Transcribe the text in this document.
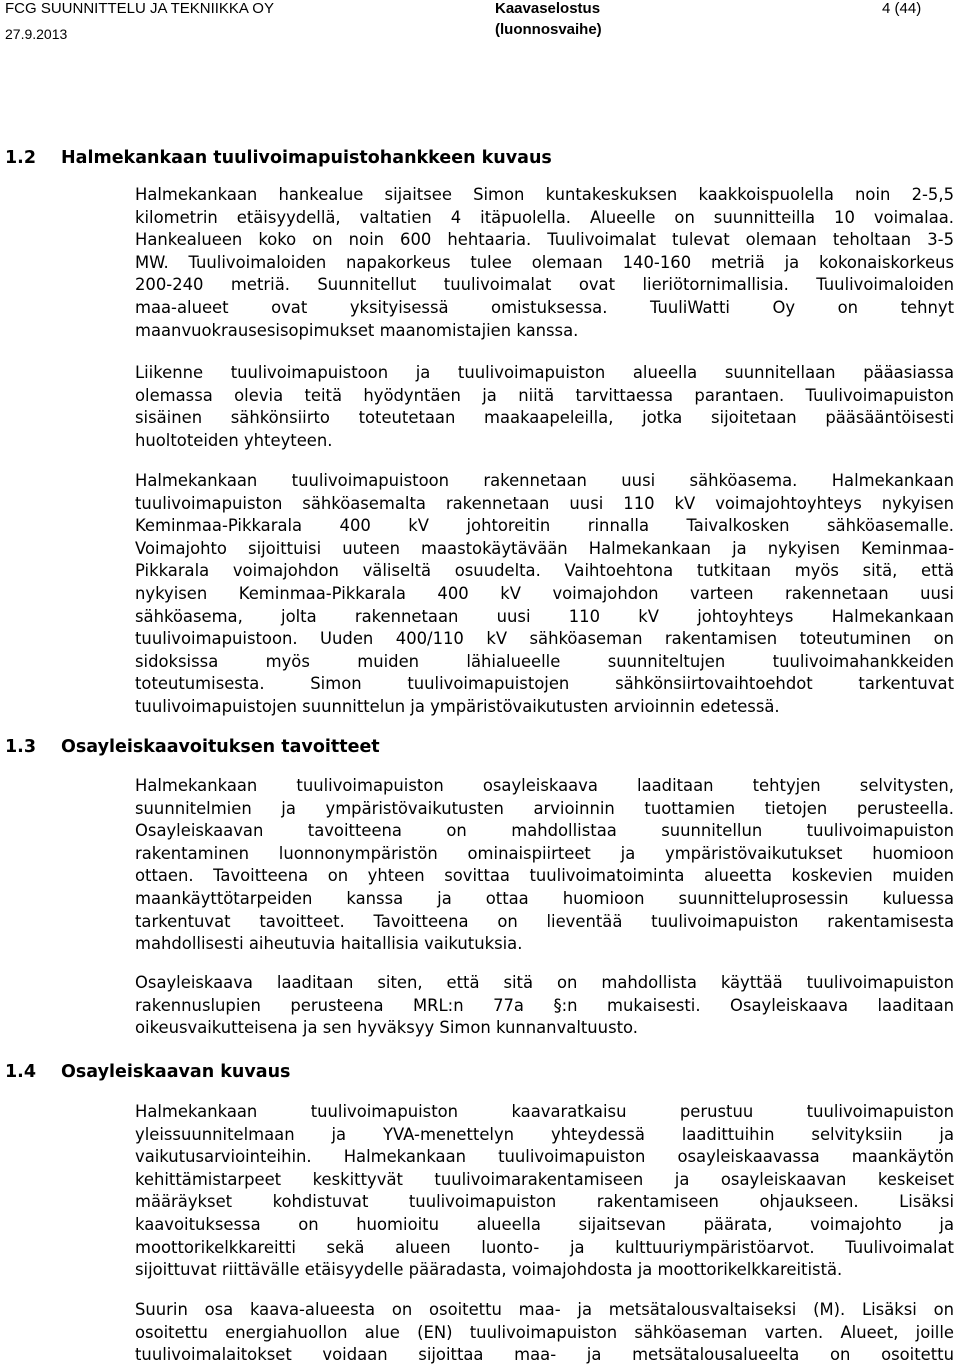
FCG SUUNNITTELU JA TEKNIIKKA OY	Kaavaselostus	4 (44)
27.9.2013	(luonnosvaihe)
1.2 Halmekankaan tuulivoimapuistohankkeen kuvaus
Halmekankaan hankealue sijaitsee Simon kuntakeskuksen kaakkoispuolella noin 2-5,5
kilometrin etäisyydellä, valtatien 4 itäpuolella. Alueelle on suunnitteilla 10 voimalaa.
Hankealueen koko on noin 600 hehtaaria. Tuulivoimalat tulevat olemaan teholtaan 3-5
MW. Tuulivoimaloiden napakorkeus tulee olemaan 140-160 metriä ja kokonaiskorkeus
200-240 metriä. Suunnitellut tuulivoimalat ovat lieriötornimallisia. Tuulivoimaloiden
maa-alueet ovat yksityisessä omistuksessa. TuuliWatti Oy on tehnyt
maanvuokrausesisopimukset maanomistajien kanssa.
Liikenne tuulivoimapuistoon ja tuulivoimapuiston alueella suunnitellaan pääasiassa
olemassa olevia teitä hyödyntäen ja niitä tarvittaessa parantaen. Tuulivoimapuiston
sisäinen sähkönsiirto toteutetaan maakaapeleilla, jotka sijoitetaan pääsääntöisesti
huoltoteiden yhteyteen.
Halmekankaan tuulivoimapuistoon rakennetaan uusi sähköasema. Halmekankaan
tuulivoimapuiston sähköasemalta rakennetaan uusi 110 kV voimajohtoyhteys nykyisen
Keminmaa-Pikkarala 400 kV johtoreitin rinnalla Taivalkosken sähköasemalle.
Voimajohto sijoittuisi uuteen maastokäytävään Halmekankaan ja nykyisen Keminmaa-
Pikkarala voimajohdon väliseltä osuudelta. Vaihtoehtona tutkitaan myös sitä, että
nykyisen Keminmaa-Pikkarala 400 kV voimajohdon varteen rakennetaan uusi
sähköasema, jolta rakennetaan uusi 110 kV johtoyhteys Halmekankaan
tuulivoimapuistoon. Uuden 400/110 kV sähköaseman rakentamisen toteutuminen on
sidoksissa myös muiden lähialueelle suunniteltujen tuulivoimahankkeiden
toteutumisesta. Simon tuulivoimapuistojen sähkönsiirtovaihtoehdot tarkentuvat
tuulivoimapuistojen suunnittelun ja ympäristövaikutusten arvioinnin edetessä.
1.3 Osayleiskaavoituksen tavoitteet
Halmekankaan tuulivoimapuiston osayleiskaava laaditaan tehtyjen selvitysten,
suunnitelmien ja ympäristövaikutusten arvioinnin tuottamien tietojen perusteella.
Osayleiskaavan tavoitteena on mahdollistaa suunnitellun tuulivoimapuiston
rakentaminen luonnonympäristön ominaispiirteet ja ympäristövaikutukset huomioon
ottaen. Tavoitteena on yhteen sovittaa tuulivoimatoiminta alueetta koskevien muiden
maankäyttötarpeiden kanssa ja ottaa huomioon suunnitteluprosessin kuluessa
tarkentuvat tavoitteet. Tavoitteena on lieventää tuulivoimapuiston rakentamisesta
mahdollisesti aiheutuvia haitallisia vaikutuksia.
Osayleiskaava laaditaan siten, että sitä on mahdollista käyttää tuulivoimapuiston
rakennuslupien perusteena MRL:n 77a §:n mukaisesti. Osayleiskaava laaditaan
oikeusvaikutteisena ja sen hyväksyy Simon kunnanvaltuusto.
1.4 Osayleiskaavan kuvaus
Halmekankaan tuulivoimapuiston kaavaratkaisu perustuu tuulivoimapuiston
yleissuunnitelmaan ja YVA-menettelyn yhteydessä laadittuihin selvityksiin ja
vaikutusarviointeihin. Halmekankaan tuulivoimapuiston osayleiskaavassa maankäytön
kehittämistarpeet keskittyvät tuulivoimarakentamiseen ja osayleiskaavan keskeiset
määräykset kohdistuvat tuulivoimapuiston rakentamiseen ohjaukseen. Lisäksi
kaavoituksessa on huomioitu alueella sijaitsevan päärata, voimajohto ja
moottorikelkkareitti sekä alueen luonto- ja kulttuuriympäristöarvot. Tuulivoimalat
sijoittuvat riittävälle etäisyydelle pääradasta, voimajohdosta ja moottorikelkkareitistä.
Suurin osa kaava-alueesta on osoitettu maa- ja metsätalousvaltaiseksi (M). Lisäksi on
osoitettu energiahuollon alue (EN) tuulivoimapuiston sähköaseman varten. Alueet, joille
tuulivoimalaitokset voidaan sijoittaa maa- ja metsätalousalueelta on osoitettu
